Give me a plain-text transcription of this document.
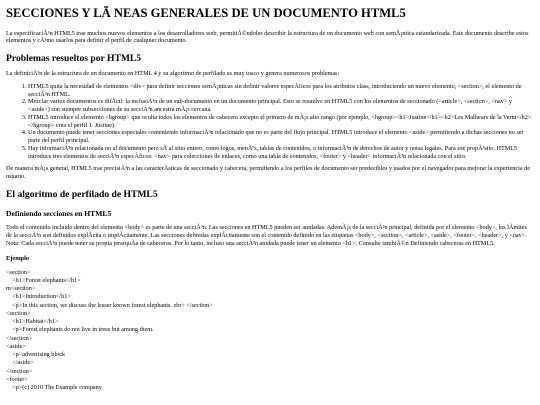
SECCIONES Y LÃ NEAS GENERALES DE UN DOCUMENTO HTML5

La especificaciÃ³n HTML5 trae muchos nuevos elementos a los desarrolladores web, permitiÃ©ndoles describir la estructura de un documento web con semÃ¡ntica estandarizada. Este documento describe estos elementos y cÃ³mo usarlos para definir el perfil de cualquier documento.

Problemas resueltos por HTML5

La definiciÃ³n de la estructura de un documento en HTML 4 y su algoritmo de perfilado es muy tosco y genera numerosos problemas:

1. HTML5 quita la necesidad de elementos <div> para definir secciones semÃ¡nticas sin definir valores especÃficos para los atributos class, introduciendo un nuevo elemento, <section>, el elemento de secciÃ³n HTML.
2. Mezclar varios documentos es difÃcil: la inclusiÃ³n de un sub-documento en un documento principal. Esto se resuelve en HTML5 con los elementos de seccionado (<article>, <section>, <nav> y <aside>) son siempre subsecciones de su secciÃ³n ancestra mÃ¡s cercana.
3. HTML5 introduce el elemento <hgroup> que oculta todos los elementos de cabecera excepto el primero de mÃ¡s alto rango (por ejemplo, <hgroup><h1>Justine</h1><h2>Les Malheurs de la Vertu</h2></hgroup> crea el perfil 1. Justine).
4. Un documento puede tener secciones especiales conteniendo informaciÃ³n relacionado que no es parte del flujo principal. HTML5 introduce el elemento <aside> permitiendo a dichas secciones no ser parte del perfil principal.
5. Hay informaciÃ³n relacionada no al documento pero sÃ al sitio entero, como logos, menÃºs, tablas de contenidos, o informaciÃ³n de derechos de autor y notas legales. Para ese propÃ³sito, HTML5 introduce tres elementos de secciÃ³n especÃficos: <nav> para colecciones de enlaces, como una tabla de contenidos, <footer> y <header> informaciÃ³n relacionada con el sitio.

De manera mÃ¡s general, HTML5 trae precisiÃ³n a las caracterÃsticas de seccionado y cabecera, permitiendo a los perfiles de documento ser predecibles y usados por el navegador para mejorar la experiencia de usuario.

El algoritmo de perfilado de HTML5
Definiendo secciones en HTML5

Todo el contenido incluido dentro del elemento <body> es parte de una secciÃ³n. Las secciones en HTML5 pueden ser anidadas. AdemÃ¡s de la secciÃ³n principal, definida por el elemento <body>, los lÃmites de la secciÃ³n son definidos explÃcita o implÃcitamente. Las secciones definidas explÃcitamente son el contenido definido en las etiquetas <body>, <section>, <article>, <aside>, <footer>, <header>, y <nav>. Nota: Cada secciÃ³n puede tener su propia jerarquÃa de cabeceras. Por lo tanto, incluso una secciÃ³n anidada puede tener un elemento <h1>. Consulte tambiÃ©n Definiendo cabeceras en HTML5.

Ejemplo
<section>
<h1>Forest elephants</h1>
m<section>
<h1>Introduction</h1>
<p>In this section, we discuss the lesser known forest elephants. zbr> </section>
<section>
<h1>Habitat</h1>
<p>Forest elephants do not live in trees but among them.
</section>
<aside>
<p>advertising block
</aside>
</section>
<footer>
<p>(c) 2010 The Example company
